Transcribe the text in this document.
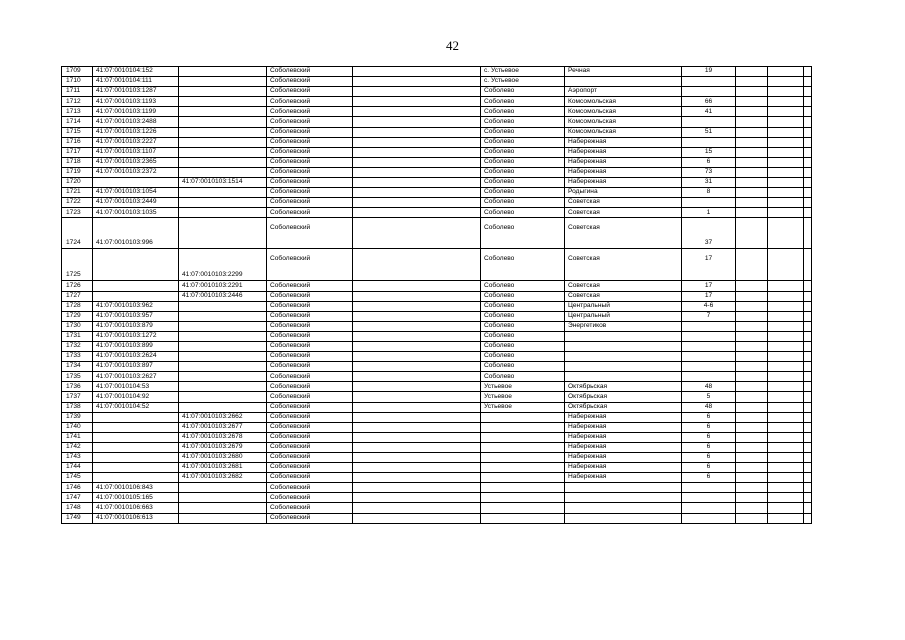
42
1709	41:07:0010104:152		Соболевский		с. Устьевое	Речная	19			
1710	41:07:0010104:111		Соболевский		с. Устьевое					
1711	41:07:0010103:1287		Соболевский		Соболево	Аэропорт				
1712	41:07:0010103:1193		Соболевский		Соболево	Комсомольская	66			
1713	41:07:0010103:1199		Соболевский		Соболево	Комсомольская	41			
1714	41:07:0010103:2488		Соболевский		Соболево	Комсомольская				
1715	41:07:0010103:1226		Соболевский		Соболево	Комсомольская	51			
1716	41:07:0010103:2227		Соболевский		Соболево	Набережная				
1717	41:07:0010103:1107		Соболевский		Соболево	Набережная	15			
1718	41:07:0010103:2365		Соболевский		Соболево	Набережная	6			
1719	41:07:0010103:2372		Соболевский		Соболево	Набережная	73			
1720		41:07:0010103:1514	Соболевский		Соболево	Набережная	31			
1721	41:07:0010103:1054		Соболевский		Соболево	Родыгина	8			
1722	41:07:0010103:2449		Соболевский		Соболево	Советская				
1723	41:07:0010103:1035		Соболевский		Соболево	Советская	1			
1724	41:07:0010103:996		Соболевский		Соболево	Советская	37			
1725		41:07:0010103:2299	Соболевский		Соболево	Советская	17			
1726		41:07:0010103:2291	Соболевский		Соболево	Советская	17			
1727		41:07:0010103:2446	Соболевский		Соболево	Советская	17			
1728	41:07:0010103:962		Соболевский		Соболево	Центральный	4-6			
1729	41:07:0010103:957		Соболевский		Соболево	Центральный	7			
1730	41:07:0010103:879		Соболевский		Соболево	Энергетиков				
1731	41:07:0010103:1272		Соболевский		Соболево					
1732	41:07:0010103:899		Соболевский		Соболево					
1733	41:07:0010103:2624		Соболевский		Соболево					
1734	41:07:0010103:897		Соболевский		Соболево					
1735	41:07:0010103:2627		Соболевский		Соболево					
1736	41:07:0010104:53		Соболевский		Устьевое	Октябрьская	48			
1737	41:07:0010104:92		Соболевский		Устьевое	Октябрьская	5			
1738	41:07:0010104:52		Соболевский		Устьевое	Октябрьская	48			
1739		41:07:0010103:2662	Соболевский			Набережная	6			
1740		41:07:0010103:2677	Соболевский			Набережная	6			
1741		41:07:0010103:2678	Соболевский			Набережная	6			
1742		41:07:0010103:2679	Соболевский			Набережная	6			
1743		41:07:0010103:2680	Соболевский			Набережная	6			
1744		41:07:0010103:2681	Соболевский			Набережная	6			
1745		41:07:0010103:2682	Соболевский			Набережная	6			
1746	41:07:0010106:843		Соболевский							
1747	41:07:0010105:165		Соболевский							
1748	41:07:0010106:663		Соболевский							
1749	41:07:0010106:613		Соболевский							
